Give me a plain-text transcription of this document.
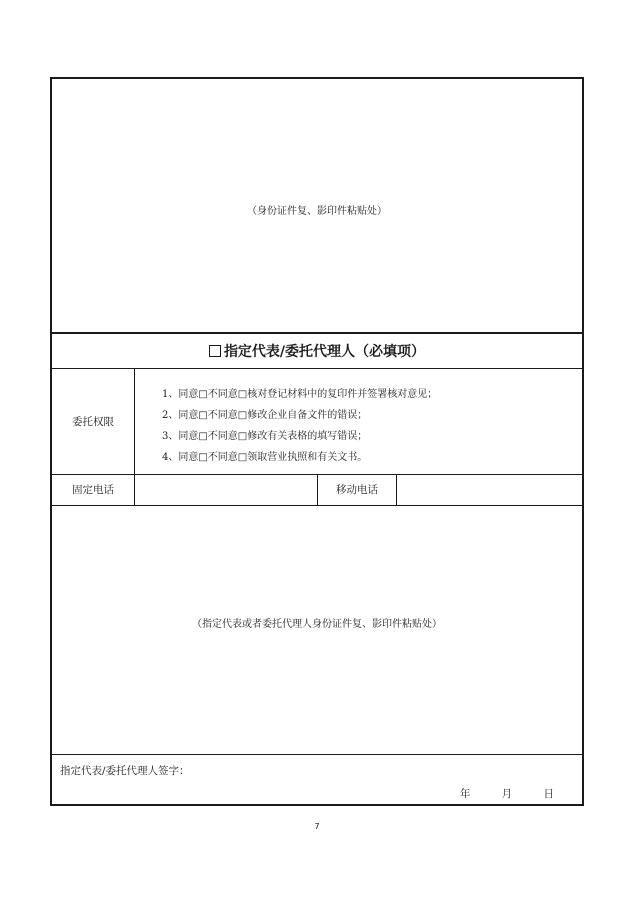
（身份证件复、影印件粘贴处）
指定代表/委托代理人（必填项）
委托权限
1、同意□不同意□核对登记材料中的复印件并签署核对意见；
2、同意□不同意□修改企业自备文件的错误；
3、同意□不同意□修改有关表格的填写错误；
4、同意□不同意□领取营业执照和有关文书。
固定电话	移动电话
（指定代表或者委托代理人身份证件复、影印件粘贴处）
指定代表/委托代理人签字：
年	月	日
7
